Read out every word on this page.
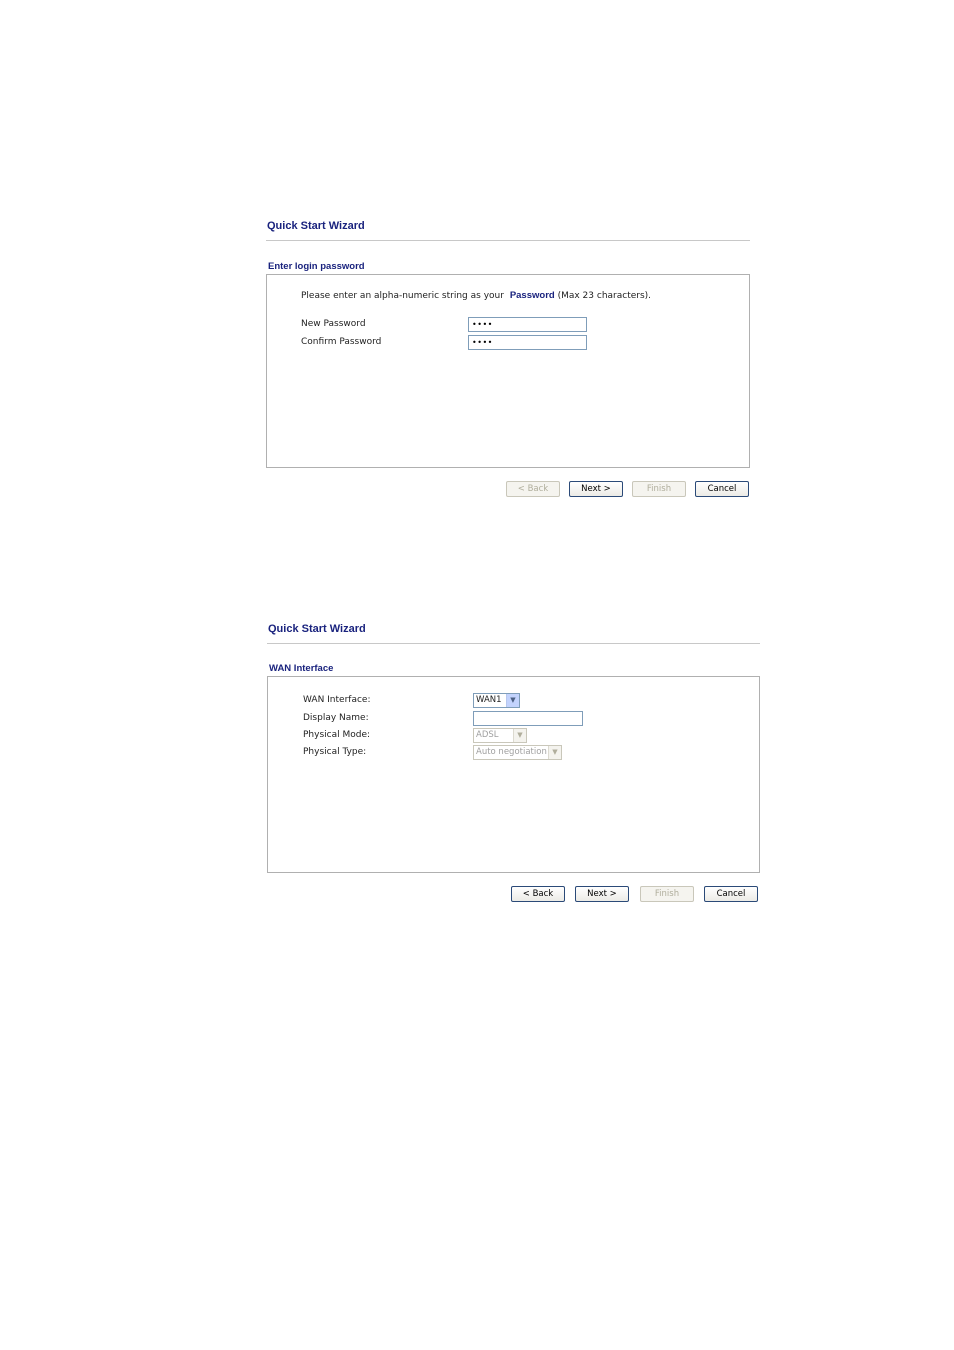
Quick Start Wizard
Enter login password
Please enter an alpha-numeric string as your Password (Max 23 characters).
New Password	••••
Confirm Password	••••
< Back	Next >	Finish	Cancel
Quick Start Wizard
WAN Interface
WAN Interface:	WAN1	▼
Display Name:
Physical Mode:	ADSL	▼
Physical Type:	Auto negotiation ▼
< Back	Next >	Finish	Cancel
